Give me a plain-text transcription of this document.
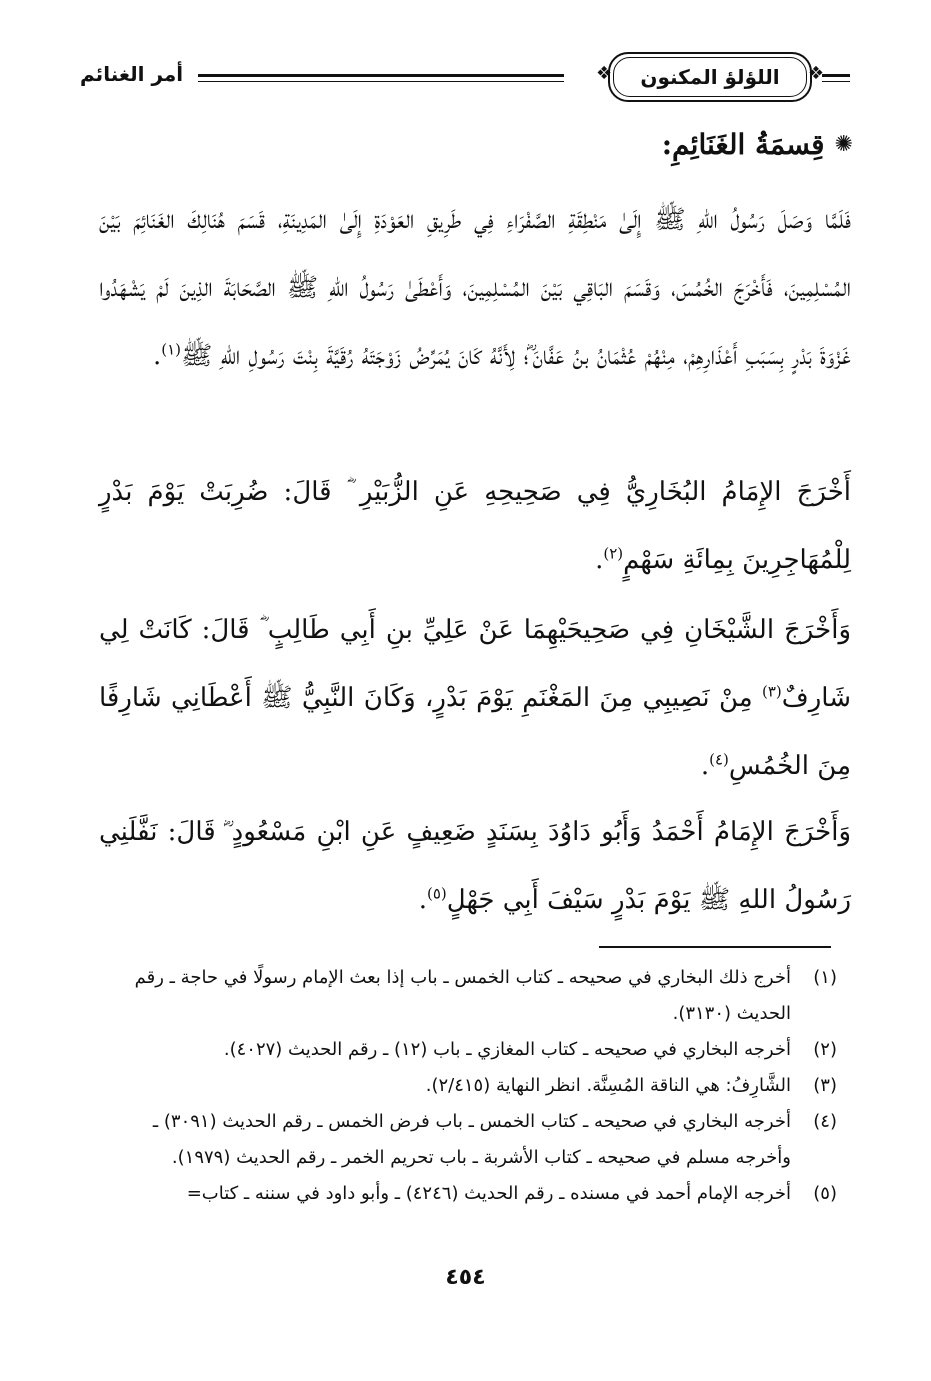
❖
اللؤلؤ المكنون
❖
أمر الغنائم
✺
قِسمَةُ الغَنَائِمِ:
فَلَمَّا وَصَلَ رَسُولُ اللهِ ﷺ إِلَىٰ مَنْطِقَةِ الصَّفْرَاءِ فِي طَرِيقِ العَوْدَةِ إِلَىٰ المَدِينَةِ، قَسَمَ هُنَالِكَ الغَنَائِمَ بَيْنَ المُسْلِمِينَ، فَأَخْرَجَ الخُمُسَ، وَقَسَمَ البَاقِي بَيْنَ المُسْلِمِينَ، وَأَعْطَىٰ رَسُولُ اللهِ ﷺ الصَّحَابَةَ الذِينَ لَمْ يَشْهَدُوا غَزْوَةَ بَدْرٍ بِسَبَبِ أَعْذَارِهِمْ، مِنْهُمْ عُثْمَانُ بنُ عَفَّانَ ؓ؛ لِأَنَّهُ كَانَ يُمَرِّضُ زَوْجَتَهُ رُقَيَّةَ بِنْتَ رَسُولِ اللهِ ﷺ$^{(١)}$.
أَخْرَجَ الإِمَامُ البُخَارِيُّ فِي صَحِيحِهِ عَنِ الزُّبَيْرِ ؓ قَالَ: ضُرِبَتْ يَوْمَ بَدْرٍ لِلْمُهَاجِرِينَ بِمِائَةِ سَهْمٍ$^{(٢)}$.
وَأَخْرَجَ الشَّيْخَانِ فِي صَحِيحَيْهِمَا عَنْ عَلِيِّ بنِ أَبِي طَالِبٍ ؓ قَالَ: كَانَتْ لِي شَارِفٌ$^{(٣)}$ مِنْ نَصِيبِي مِنَ المَغْنَمِ يَوْمَ بَدْرٍ، وَكَانَ النَّبِيُّ ﷺ أَعْطَانِي شَارِفًا مِنَ الخُمُسِ$^{(٤)}$.
وَأَخْرَجَ الإِمَامُ أَحْمَدُ وَأَبُو دَاوُدَ بِسَنَدٍ ضَعِيفٍ عَنِ ابْنِ مَسْعُودٍ ؓ قَالَ: نَفَّلَنِي رَسُولُ اللهِ ﷺ يَوْمَ بَدْرٍ سَيْفَ أَبِي جَهْلٍ$^{(٥)}$.
(١)
أخرج ذلك البخاري في صحيحه ـ كتاب الخمس ـ باب إذا بعث الإمام رسولًا في حاجة ـ رقم الحديث (٣١٣٠).
(٢)
أخرجه البخاري في صحيحه ـ كتاب المغازي ـ باب (١٢) ـ رقم الحديث (٤٠٢٧).
(٣)
الشَّارِفُ: هي الناقة المُسِنَّة. انظر النهاية (٢/٤١٥).
(٤)
أخرجه البخاري في صحيحه ـ كتاب الخمس ـ باب فرض الخمس ـ رقم الحديث (٣٠٩١) ـ وأخرجه مسلم في صحيحه ـ كتاب الأشربة ـ باب تحريم الخمر ـ رقم الحديث (١٩٧٩).
(٥)
أخرجه الإمام أحمد في مسنده ـ رقم الحديث (٤٢٤٦) ـ وأبو داود في سننه ـ كتاب=
٤٥٤
